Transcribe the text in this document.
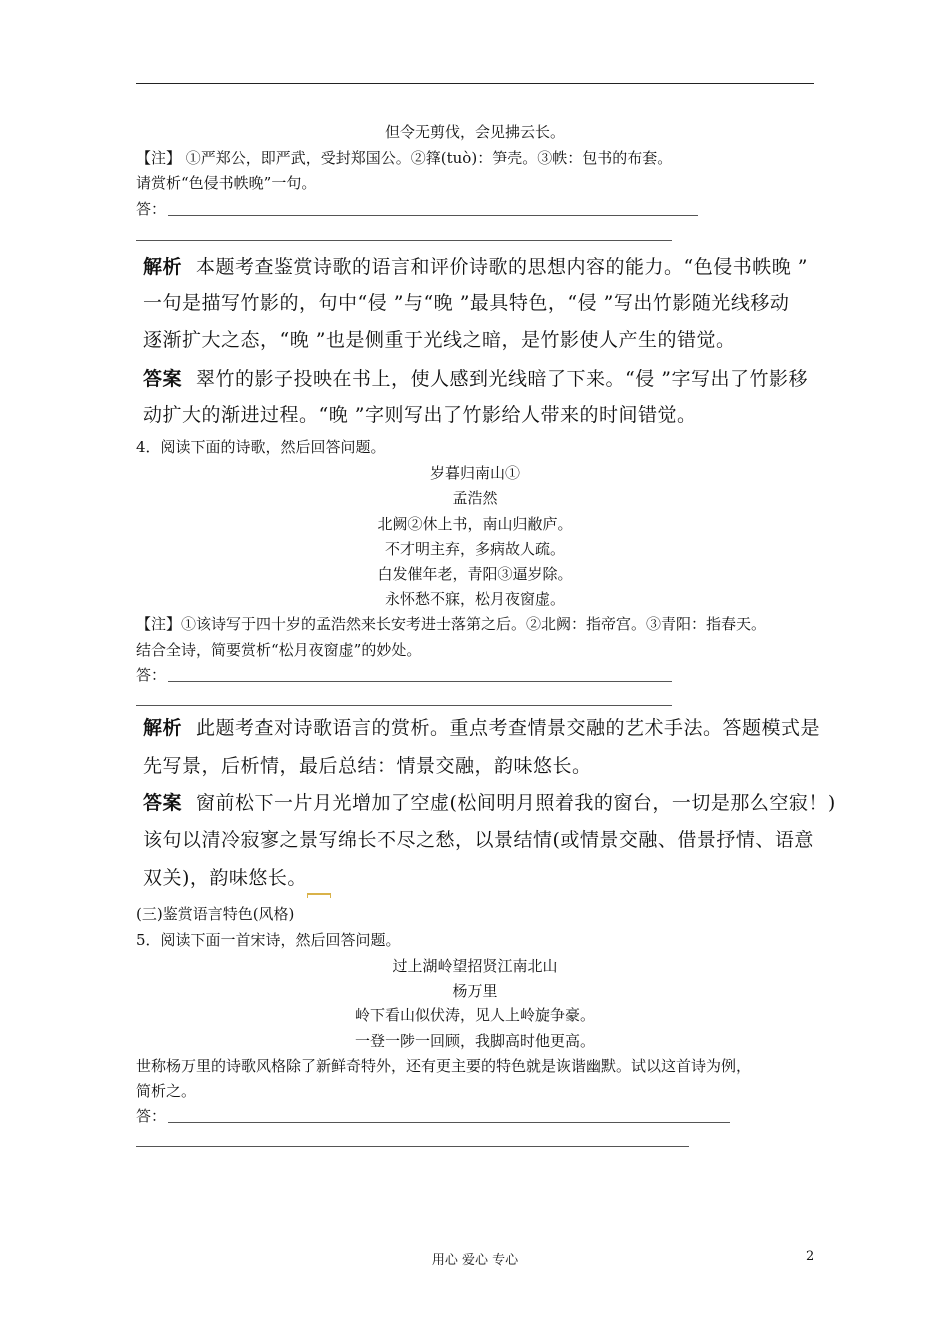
但令无剪伐，会见拂云长。
【注】 ①严郑公，即严武，受封郑国公。②箨(tuò)：笋壳。③帙：包书的布套。
请赏析“色侵书帙晚”一句。
答：
解析 本题考查鉴赏诗歌的语言和评价诗歌的思想内容的能力。“色侵书帙晚 ”
一句是描写竹影的，句中“侵 ”与“晚 ”最具特色，“侵 ”写出竹影随光线移动
逐渐扩大之态，“晚 ”也是侧重于光线之暗，是竹影使人产生的错觉。
答案 翠竹的影子投映在书上，使人感到光线暗了下来。“侵 ”字写出了竹影移
动扩大的渐进过程。“晚 ”字则写出了竹影给人带来的时间错觉。
4．阅读下面的诗歌，然后回答问题。
岁暮归南山①
孟浩然
北阙②休上书，南山归敝庐。
不才明主弃，多病故人疏。
白发催年老，青阳③逼岁除。
永怀愁不寐，松月夜窗虚。
【注】①该诗写于四十岁的孟浩然来长安考进士落第之后。②北阙：指帝宫。③青阳：指春天。
结合全诗，简要赏析“松月夜窗虚”的妙处。
答：
解析 此题考查对诗歌语言的赏析。重点考查情景交融的艺术手法。答题模式是
先写景，后析情，最后总结：情景交融，韵味悠长。
答案 窗前松下一片月光增加了空虚(松间明月照着我的窗台，一切是那么空寂！)
该句以清冷寂寥之景写绵长不尽之愁，以景结情(或情景交融、借景抒情、语意
双关)，韵味悠长。
(三)鉴赏语言特色(风格)
5．阅读下面一首宋诗，然后回答问题。
过上湖岭望招贤江南北山
杨万里
岭下看山似伏涛，见人上岭旋争豪。
一登一陟一回顾，我脚高时他更高。
世称杨万里的诗歌风格除了新鲜奇特外，还有更主要的特色就是诙谐幽默。试以这首诗为例，
简析之。
答：
用心 爱心 专心	2
